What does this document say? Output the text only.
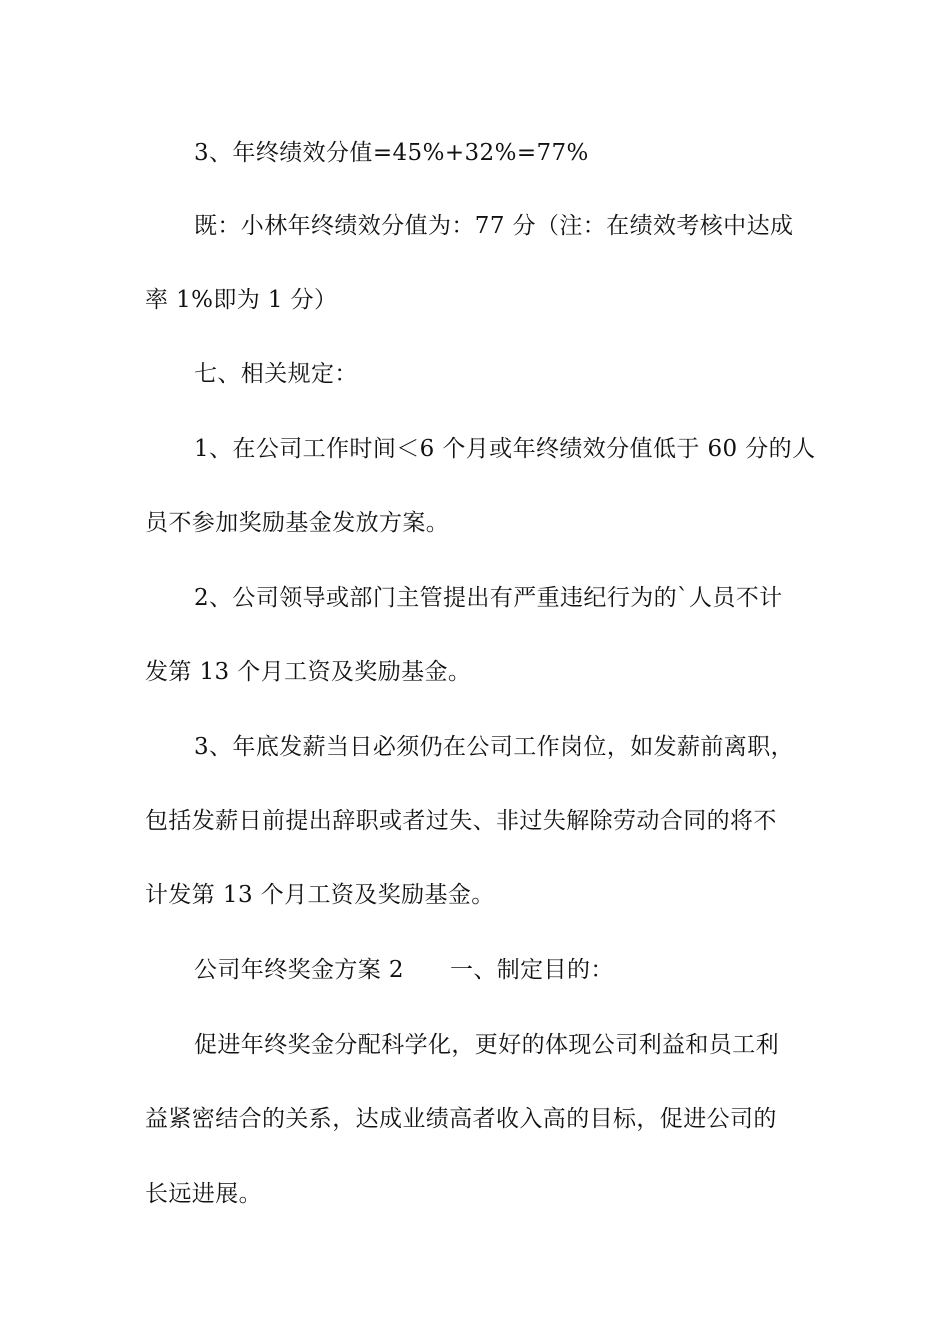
3、年终绩效分值=45%+32%=77%
既：小林年终绩效分值为：77 分（注：在绩效考核中达成
率 1%即为 1 分）
七、相关规定：
1、在公司工作时间＜6 个月或年终绩效分值低于 60 分的人
员不参加奖励基金发放方案。
2、公司领导或部门主管提出有严重违纪行为的`人员不计
发第 13 个月工资及奖励基金。
3、年底发薪当日必须仍在公司工作岗位，如发薪前离职，
包括发薪日前提出辞职或者过失、非过失解除劳动合同的将不
计发第 13 个月工资及奖励基金。
公司年终奖金方案 2 一、制定目的：
促进年终奖金分配科学化，更好的体现公司利益和员工利
益紧密结合的关系，达成业绩高者收入高的目标，促进公司的
长远进展。
